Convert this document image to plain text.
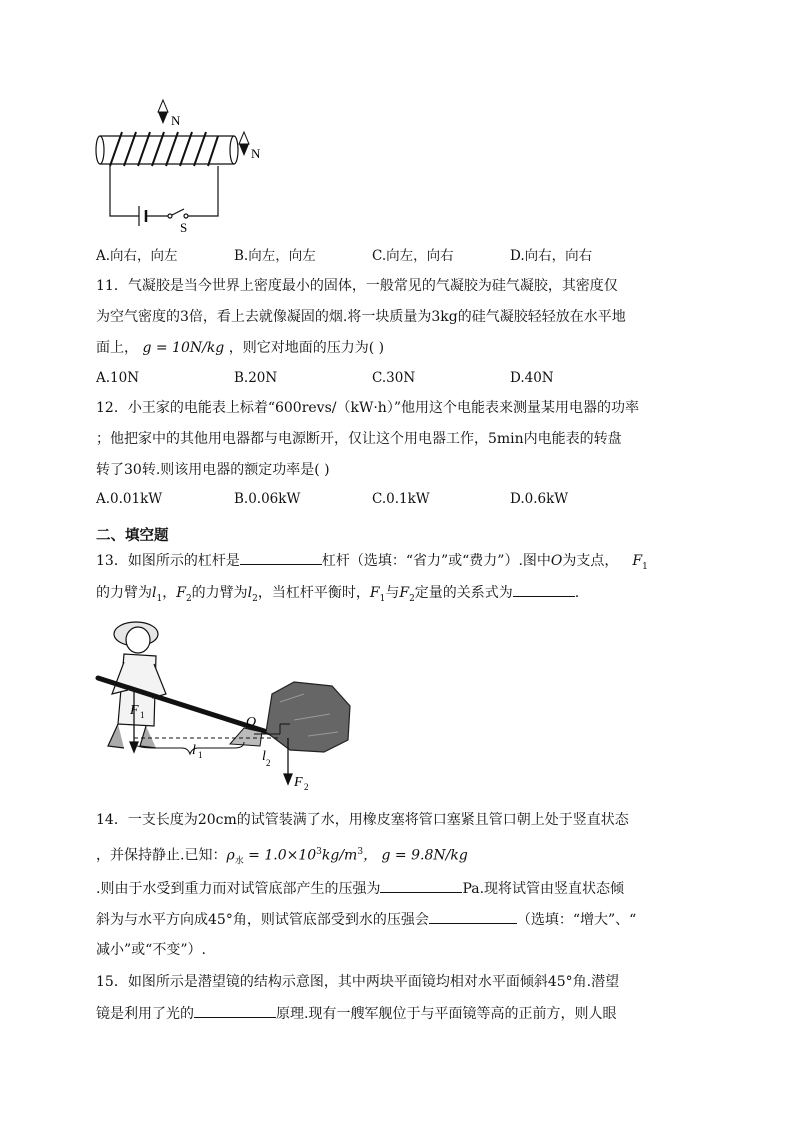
N
N
S
A.向右，向左	B.向左，向左	C.向左，向右	D.向右，向右
11．气凝胶是当今世界上密度最小的固体，一般常见的气凝胶为硅气凝胶，其密度仅
为空气密度的3倍，看上去就像凝固的烟.将一块质量为3kg的硅气凝胶轻轻放在水平地
面上， g = 10N/kg ，则它对地面的压力为( )
A.10N	B.20N	C.30N	D.40N
12．小王家的电能表上标着“600revs/（kW·h）”他用这个电能表来测量某用电器的功率
；他把家中的其他用电器都与电源断开，仅让这个用电器工作，5min内电能表的转盘
转了30转.则该用电器的额定功率是( )
A.0.01kW	B.0.06kW	C.0.1kW	D.0.6kW
二、填空题
13．如图所示的杠杆是	杠杆（选填：“省力”或“费力”）.图中O为支点， $F_1$
的力臂为$l_1$，$F_2$的力臂为$l_2$，当杠杆平衡时，$F_1$与$F_2$定量的关系式为	.
F 1
l 1
O
l 2
F 2
14．一支长度为20cm的试管装满了水，用橡皮塞将管口塞紧且管口朝上处于竖直状态
，并保持静止.已知：$\rho_水 = 1.0\times 10^3kg/m^3$， g = 9.8N/kg
.则由于水受到重力而对试管底部产生的压强为	Pa.现将试管由竖直状态倾
斜为与水平方向成45°角，则试管底部受到水的压强会	（选填：“增大”、“
减小”或“不变”）.
15．如图所示是潜望镜的结构示意图，其中两块平面镜均相对水平面倾斜45°角.潜望
镜是利用了光的	原理.现有一艘军舰位于与平面镜等高的正前方，则人眼
